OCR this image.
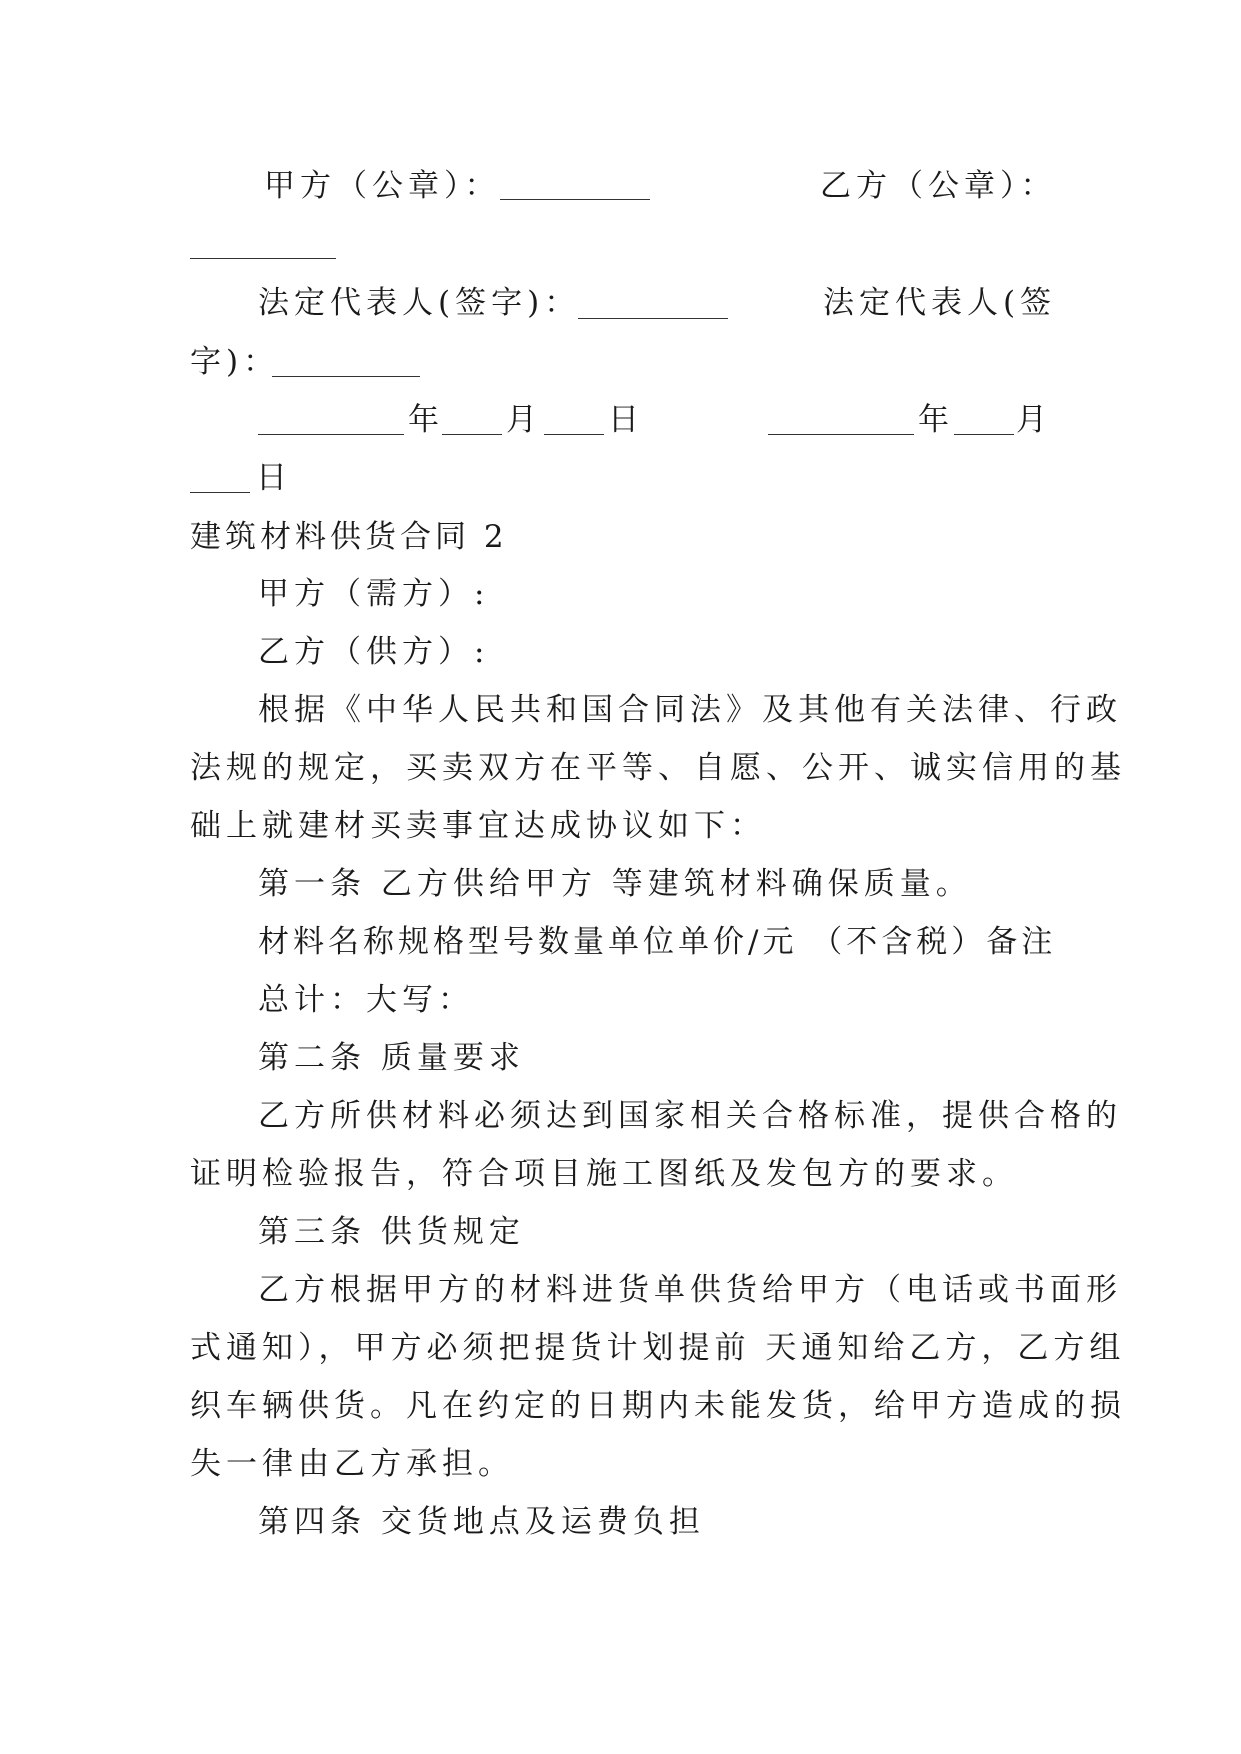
甲方（公章）：	乙方（公章）：
法定代表人(签字)：	法定代表人(签
字)：
年 月 日	年 月
日
建筑材料供货合同 2
甲方（需方）:
乙方（供方）:
根据《中华人民共和国合同法》及其他有关法律、行政
法规的规定，买卖双方在平等、自愿、公开、诚实信用的基
础上就建材买卖事宜达成协议如下：
第一条 乙方供给甲方 等建筑材料确保质量。
材料名称规格型号数量单位单价/元 （不含税）备注
总计：大写：
第二条 质量要求
乙方所供材料必须达到国家相关合格标准，提供合格的
证明检验报告，符合项目施工图纸及发包方的要求。
第三条 供货规定
乙方根据甲方的材料进货单供货给甲方（电话或书面形
式通知），甲方必须把提货计划提前 天通知给乙方，乙方组
织车辆供货。凡在约定的日期内未能发货，给甲方造成的损
失一律由乙方承担。
第四条 交货地点及运费负担
